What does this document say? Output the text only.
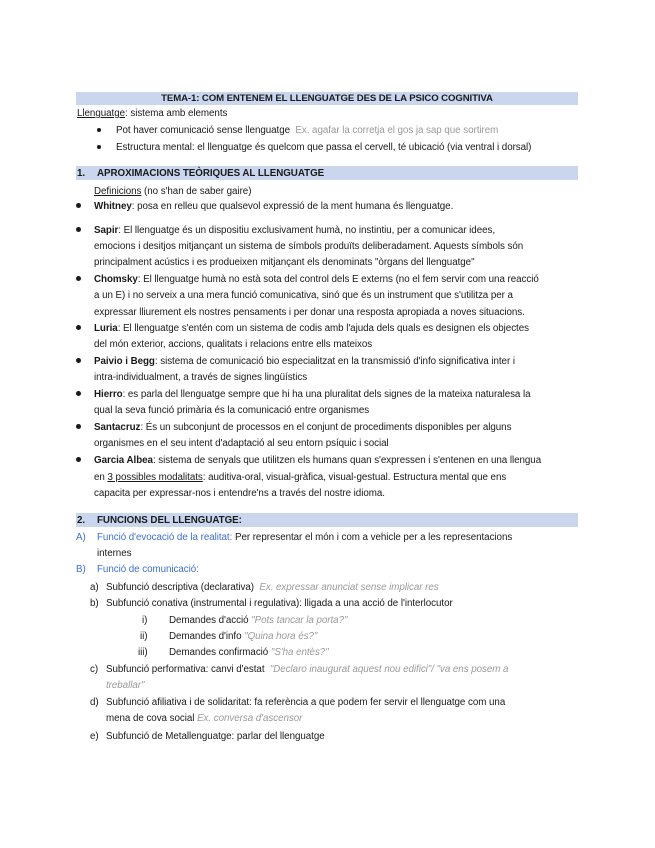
TEMA-1: COM ENTENEM EL LLENGUATGE DES DE LA PSICO COGNITIVA
Llenguatge: sistema amb elements
Pot haver comunicació sense llenguatge Ex. agafar la corretja el gos ja sap que sortirem
Estructura mental: el llenguatge és quelcom que passa el cervell, té ubicació (via ventral i dorsal)
1. APROXIMACIONS TEÒRIQUES AL LLENGUATGE
Definicions (no s'han de saber gaire)
Whitney: posa en relleu que qualsevol expressió de la ment humana és llenguatge.
Sapir: El llenguatge és un dispositiu exclusivament humà, no instintiu, per a comunicar idees,
emocions i desitjos mitjançant un sistema de símbols produïts deliberadament. Aquests símbols són
principalment acústics i es produeixen mitjançant els denominats "òrgans del llenguatge"
Chomsky: El llenguatge humà no està sota del control dels E externs (no el fem servir com una reacció
a un E) i no serveix a una mera funció comunicativa, sinó que és un instrument que s'utilitza per a
expressar lliurement els nostres pensaments i per donar una resposta apropiada a noves situacions.
Luria: El llenguatge s'entén com un sistema de codis amb l'ajuda dels quals es designen els objectes
del món exterior, accions, qualitats i relacions entre ells mateixos
Paivio i Begg: sistema de comunicació bio especialitzat en la transmissió d'info significativa inter i
intra-individualment, a través de signes lingüístics
Hierro: es parla del llenguatge sempre que hi ha una pluralitat dels signes de la mateixa naturalesa la
qual la seva funció primària és la comunicació entre organismes
Santacruz: És un subconjunt de processos en el conjunt de procediments disponibles per alguns
organismes en el seu intent d'adaptació al seu entorn psíquic i social
Garcia Albea: sistema de senyals que utilitzen els humans quan s'expressen i s'entenen en una llengua
en 3 possibles modalitats: auditiva-oral, visual-gràfica, visual-gestual. Estructura mental que ens
capacita per expressar-nos i entendre'ns a través del nostre idioma.
2. FUNCIONS DEL LLENGUATGE:
A) Funció d'evocació de la realitat: Per representar el món i com a vehicle per a les representacions
internes
B) Funció de comunicació:
a) Subfunció descriptiva (declarativa) Ex. expressar anunciat sense implicar res
b) Subfunció conativa (instrumental i regulativa): lligada a una acció de l'interlocutor
i) Demandes d'acció "Pots tancar la porta?"
ii) Demandes d'info "Quina hora és?"
iii) Demandes confirmació "S'ha entès?"
c) Subfunció performativa: canvi d'estat "Declaro inaugurat aquest nou edifici"/ "va ens posem a
treballar"
d) Subfunció afiliativa i de solidaritat: fa referència a que podem fer servir el llenguatge com una
mena de cova social Ex. conversa d'ascensor
e) Subfunció de Metallenguatge: parlar del llenguatge
